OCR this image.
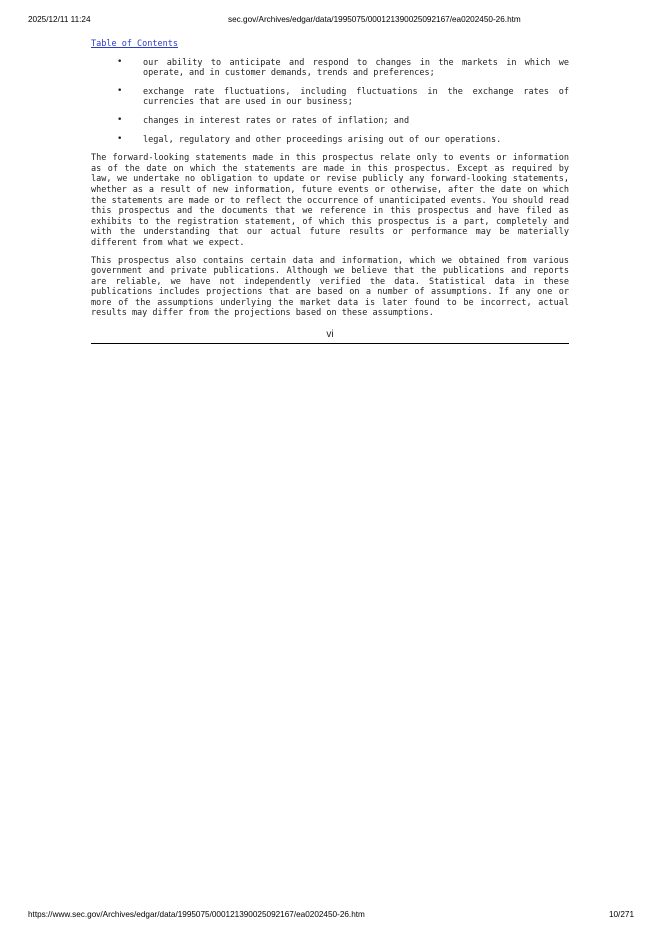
2025/12/11 11:24	sec.gov/Archives/edgar/data/1995075/000121390025092167/ea0202450-26.htm
Table of Contents
• our ability to anticipate and respond to changes in the markets in which we operate, and in customer demands, trends and preferences;
• exchange rate fluctuations, including fluctuations in the exchange rates of currencies that are used in our business;
• changes in interest rates or rates of inflation; and
• legal, regulatory and other proceedings arising out of our operations.

The forward-looking statements made in this prospectus relate only to events or information as of the date on which the statements are made in this prospectus. Except as required by law, we undertake no obligation to update or revise publicly any forward-looking statements, whether as a result of new information, future events or otherwise, after the date on which the statements are made or to reflect the occurrence of unanticipated events. You should read this prospectus and the documents that we reference in this prospectus and have filed as exhibits to the registration statement, of which this prospectus is a part, completely and with the understanding that our actual future results or performance may be materially different from what we expect.

This prospectus also contains certain data and information, which we obtained from various government and private publications. Although we believe that the publications and reports are reliable, we have not independently verified the data. Statistical data in these publications includes projections that are based on a number of assumptions. If any one or more of the assumptions underlying the market data is later found to be incorrect, actual results may differ from the projections based on these assumptions.

vi
https://www.sec.gov/Archives/edgar/data/1995075/000121390025092167/ea0202450-26.htm	10/271
